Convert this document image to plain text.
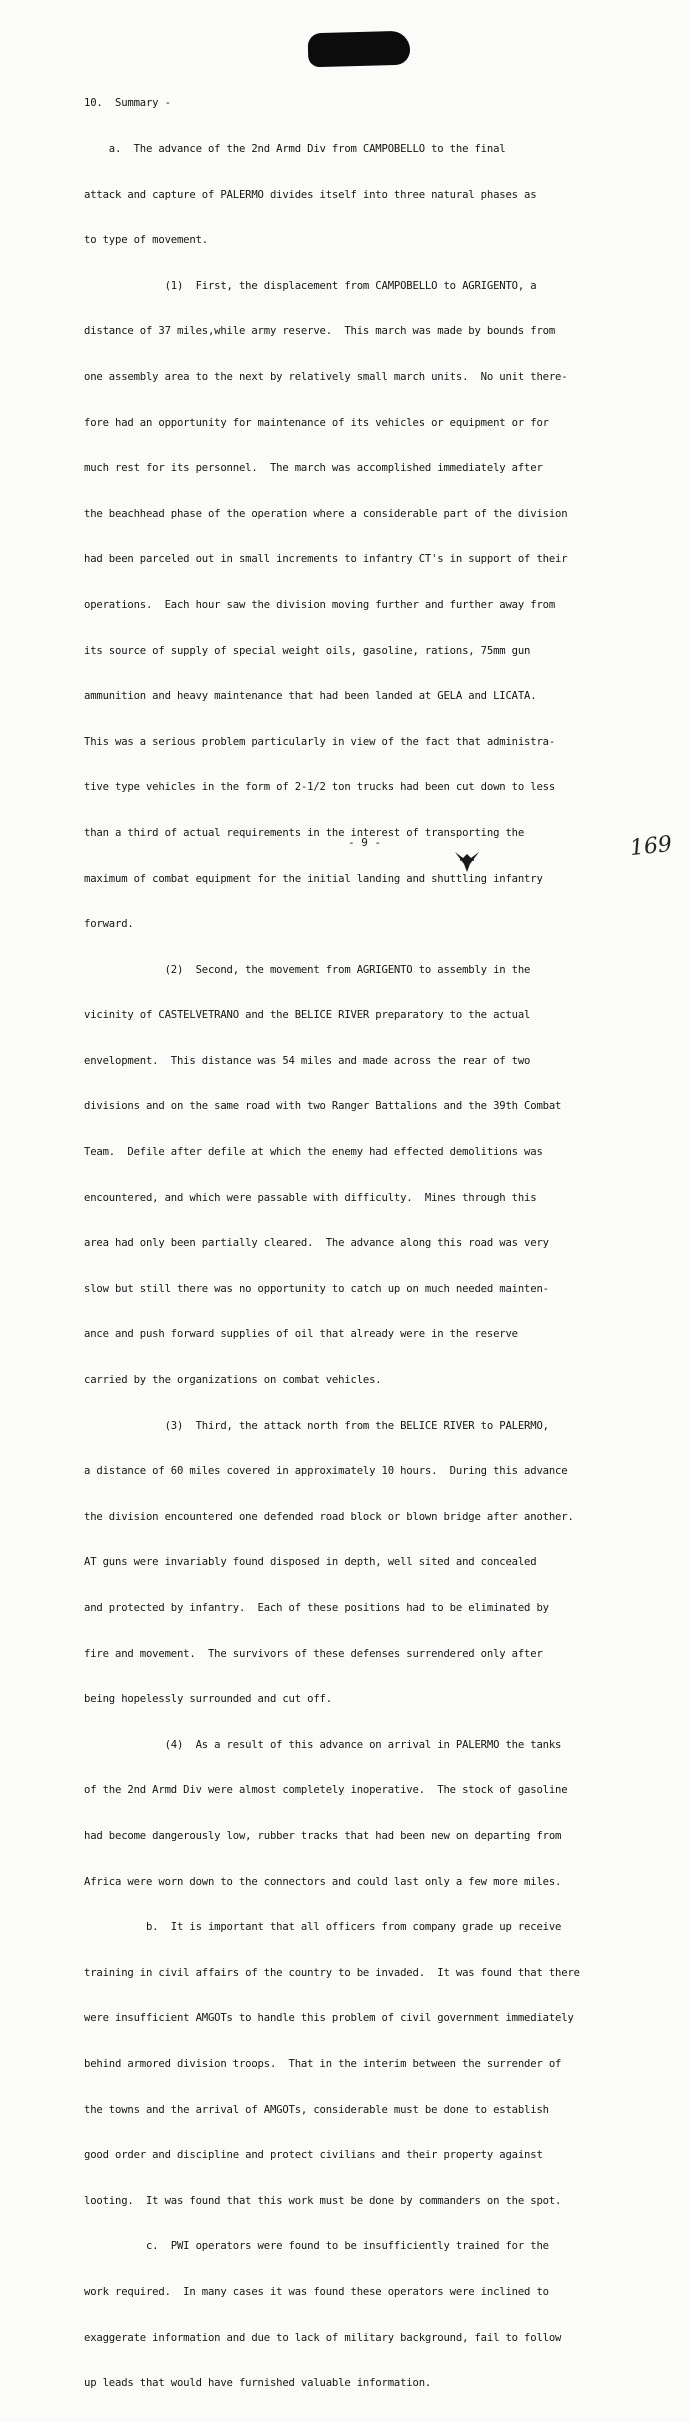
10.  Summary -

a.  The advance of the 2nd Armd Div from CAMPOBELLO to the final

attack and capture of PALERMO divides itself into three natural phases as

to type of movement.

(1)  First, the displacement from CAMPOBELLO to AGRIGENTO, a

distance of 37 miles,while army reserve.  This march was made by bounds from

one assembly area to the next by relatively small march units.  No unit there-

fore had an opportunity for maintenance of its vehicles or equipment or for

much rest for its personnel.  The march was accomplished immediately after

the beachhead phase of the operation where a considerable part of the division

had been parceled out in small increments to infantry CT's in support of their

operations.  Each hour saw the division moving further and further away from

its source of supply of special weight oils, gasoline, rations, 75mm gun

ammunition and heavy maintenance that had been landed at GELA and LICATA.

This was a serious problem particularly in view of the fact that administra-

tive type vehicles in the form of 2-1/2 ton trucks had been cut down to less

than a third of actual requirements in the interest of transporting the

maximum of combat equipment for the initial landing and shuttling infantry

forward.

(2)  Second, the movement from AGRIGENTO to assembly in the

vicinity of CASTELVETRANO and the BELICE RIVER preparatory to the actual

envelopment.  This distance was 54 miles and made across the rear of two

divisions and on the same road with two Ranger Battalions and the 39th Combat

Team.  Defile after defile at which the enemy had effected demolitions was

encountered, and which were passable with difficulty.  Mines through this

area had only been partially cleared.  The advance along this road was very

slow but still there was no opportunity to catch up on much needed mainten-

ance and push forward supplies of oil that already were in the reserve

carried by the organizations on combat vehicles.

(3)  Third, the attack north from the BELICE RIVER to PALERMO,

a distance of 60 miles covered in approximately 10 hours.  During this advance

the division encountered one defended road block or blown bridge after another.

AT guns were invariably found disposed in depth, well sited and concealed

and protected by infantry.  Each of these positions had to be eliminated by

fire and movement.  The survivors of these defenses surrendered only after

being hopelessly surrounded and cut off.

(4)  As a result of this advance on arrival in PALERMO the tanks

of the 2nd Armd Div were almost completely inoperative.  The stock of gasoline

had become dangerously low, rubber tracks that had been new on departing from

Africa were worn down to the connectors and could last only a few more miles.

b.  It is important that all officers from company grade up receive

training in civil affairs of the country to be invaded.  It was found that there

were insufficient AMGOTs to handle this problem of civil government immediately

behind armored division troops.  That in the interim between the surrender of

the towns and the arrival of AMGOTs, considerable must be done to establish

good order and discipline and protect civilians and their property against

looting.  It was found that this work must be done by commanders on the spot.

c.  PWI operators were found to be insufficiently trained for the

work required.  In many cases it was found these operators were inclined to

exaggerate information and due to lack of military background, fail to follow

up leads that would have furnished valuable information.

- 9 -	169
